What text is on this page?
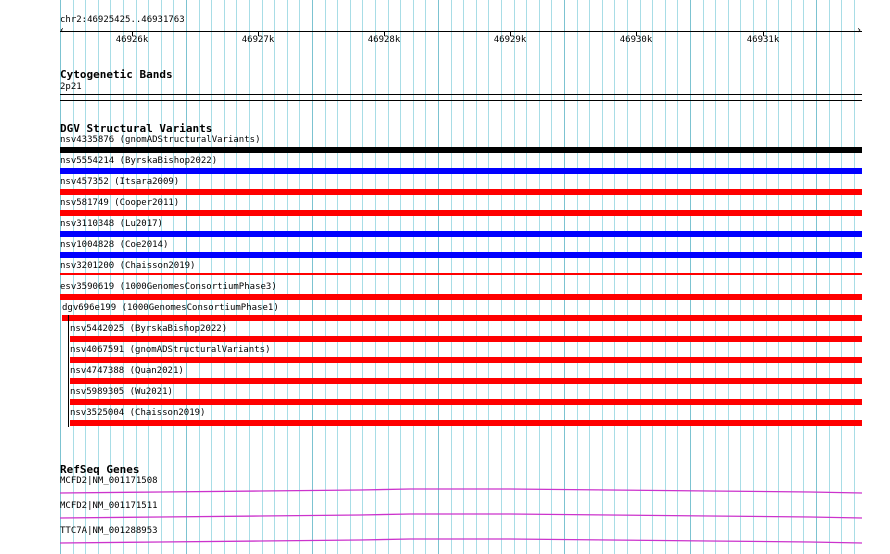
chr2:46925425..46931763
‹	›
46926k	46927k	46928k	46929k	46930k	46931k
Cytogenetic Bands
2p21
DGV Structural Variants
nsv4335876 (gnomADStructuralVariants)
nsv5554214 (ByrskaBishop2022)
nsv457352 (Itsara2009)
nsv581749 (Cooper2011)
nsv3110348 (Lu2017)
nsv1004828 (Coe2014)
nsv3201200 (Chaisson2019)
esv3590619 (1000GenomesConsortiumPhase3)
dgv696e199 (1000GenomesConsortiumPhase1)
nsv5442025 (ByrskaBishop2022)
nsv4067591 (gnomADStructuralVariants)
nsv4747388 (Quan2021)
nsv5989305 (Wu2021)
nsv3525004 (Chaisson2019)
RefSeq Genes
MCFD2|NM_001171508
MCFD2|NM_001171511
TTC7A|NM_001288953
